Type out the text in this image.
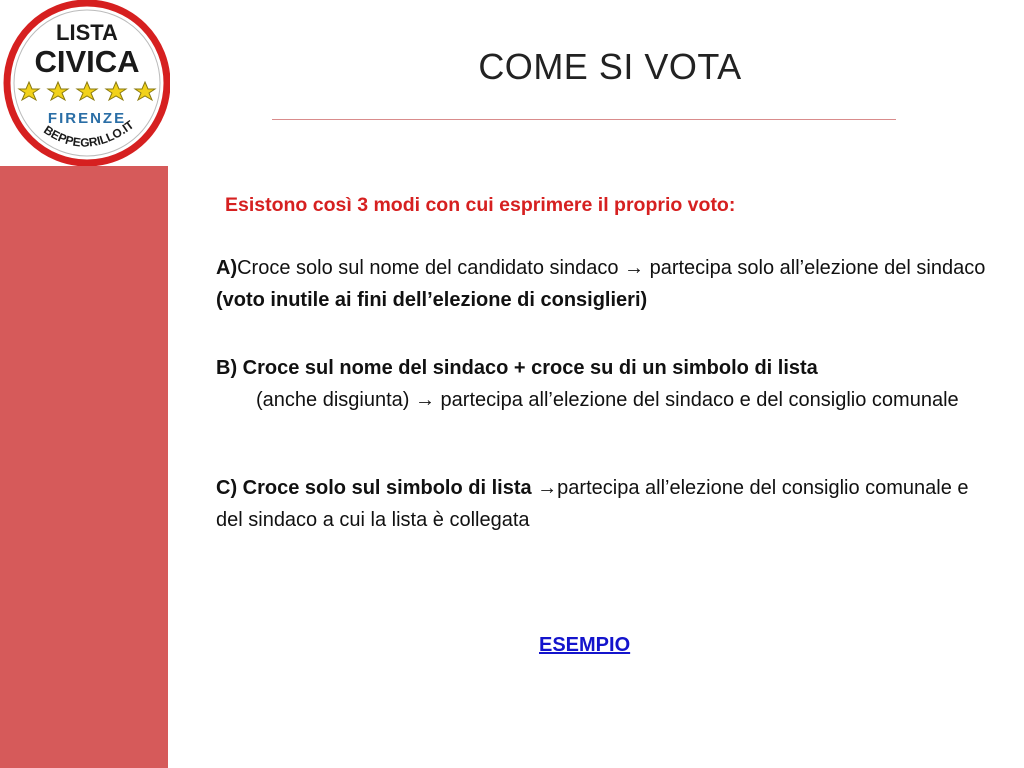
LISTA
CIVICA
FIRENZE
BEPPEGRILLO.IT
COME SI VOTA
Esistono così 3 modi con cui esprimere il proprio voto:
A)Croce solo sul nome del candidato sindaco → partecipa solo all’elezione del sindaco (voto inutile ai fini dell’elezione di consiglieri)
B) Croce sul nome del sindaco + croce su di un simbolo di lista
(anche disgiunta) → partecipa all’elezione del sindaco e del consiglio comunale
C) Croce solo sul simbolo di lista →partecipa all’elezione del consiglio comunale e del sindaco a cui la lista è collegata
ESEMPIO
